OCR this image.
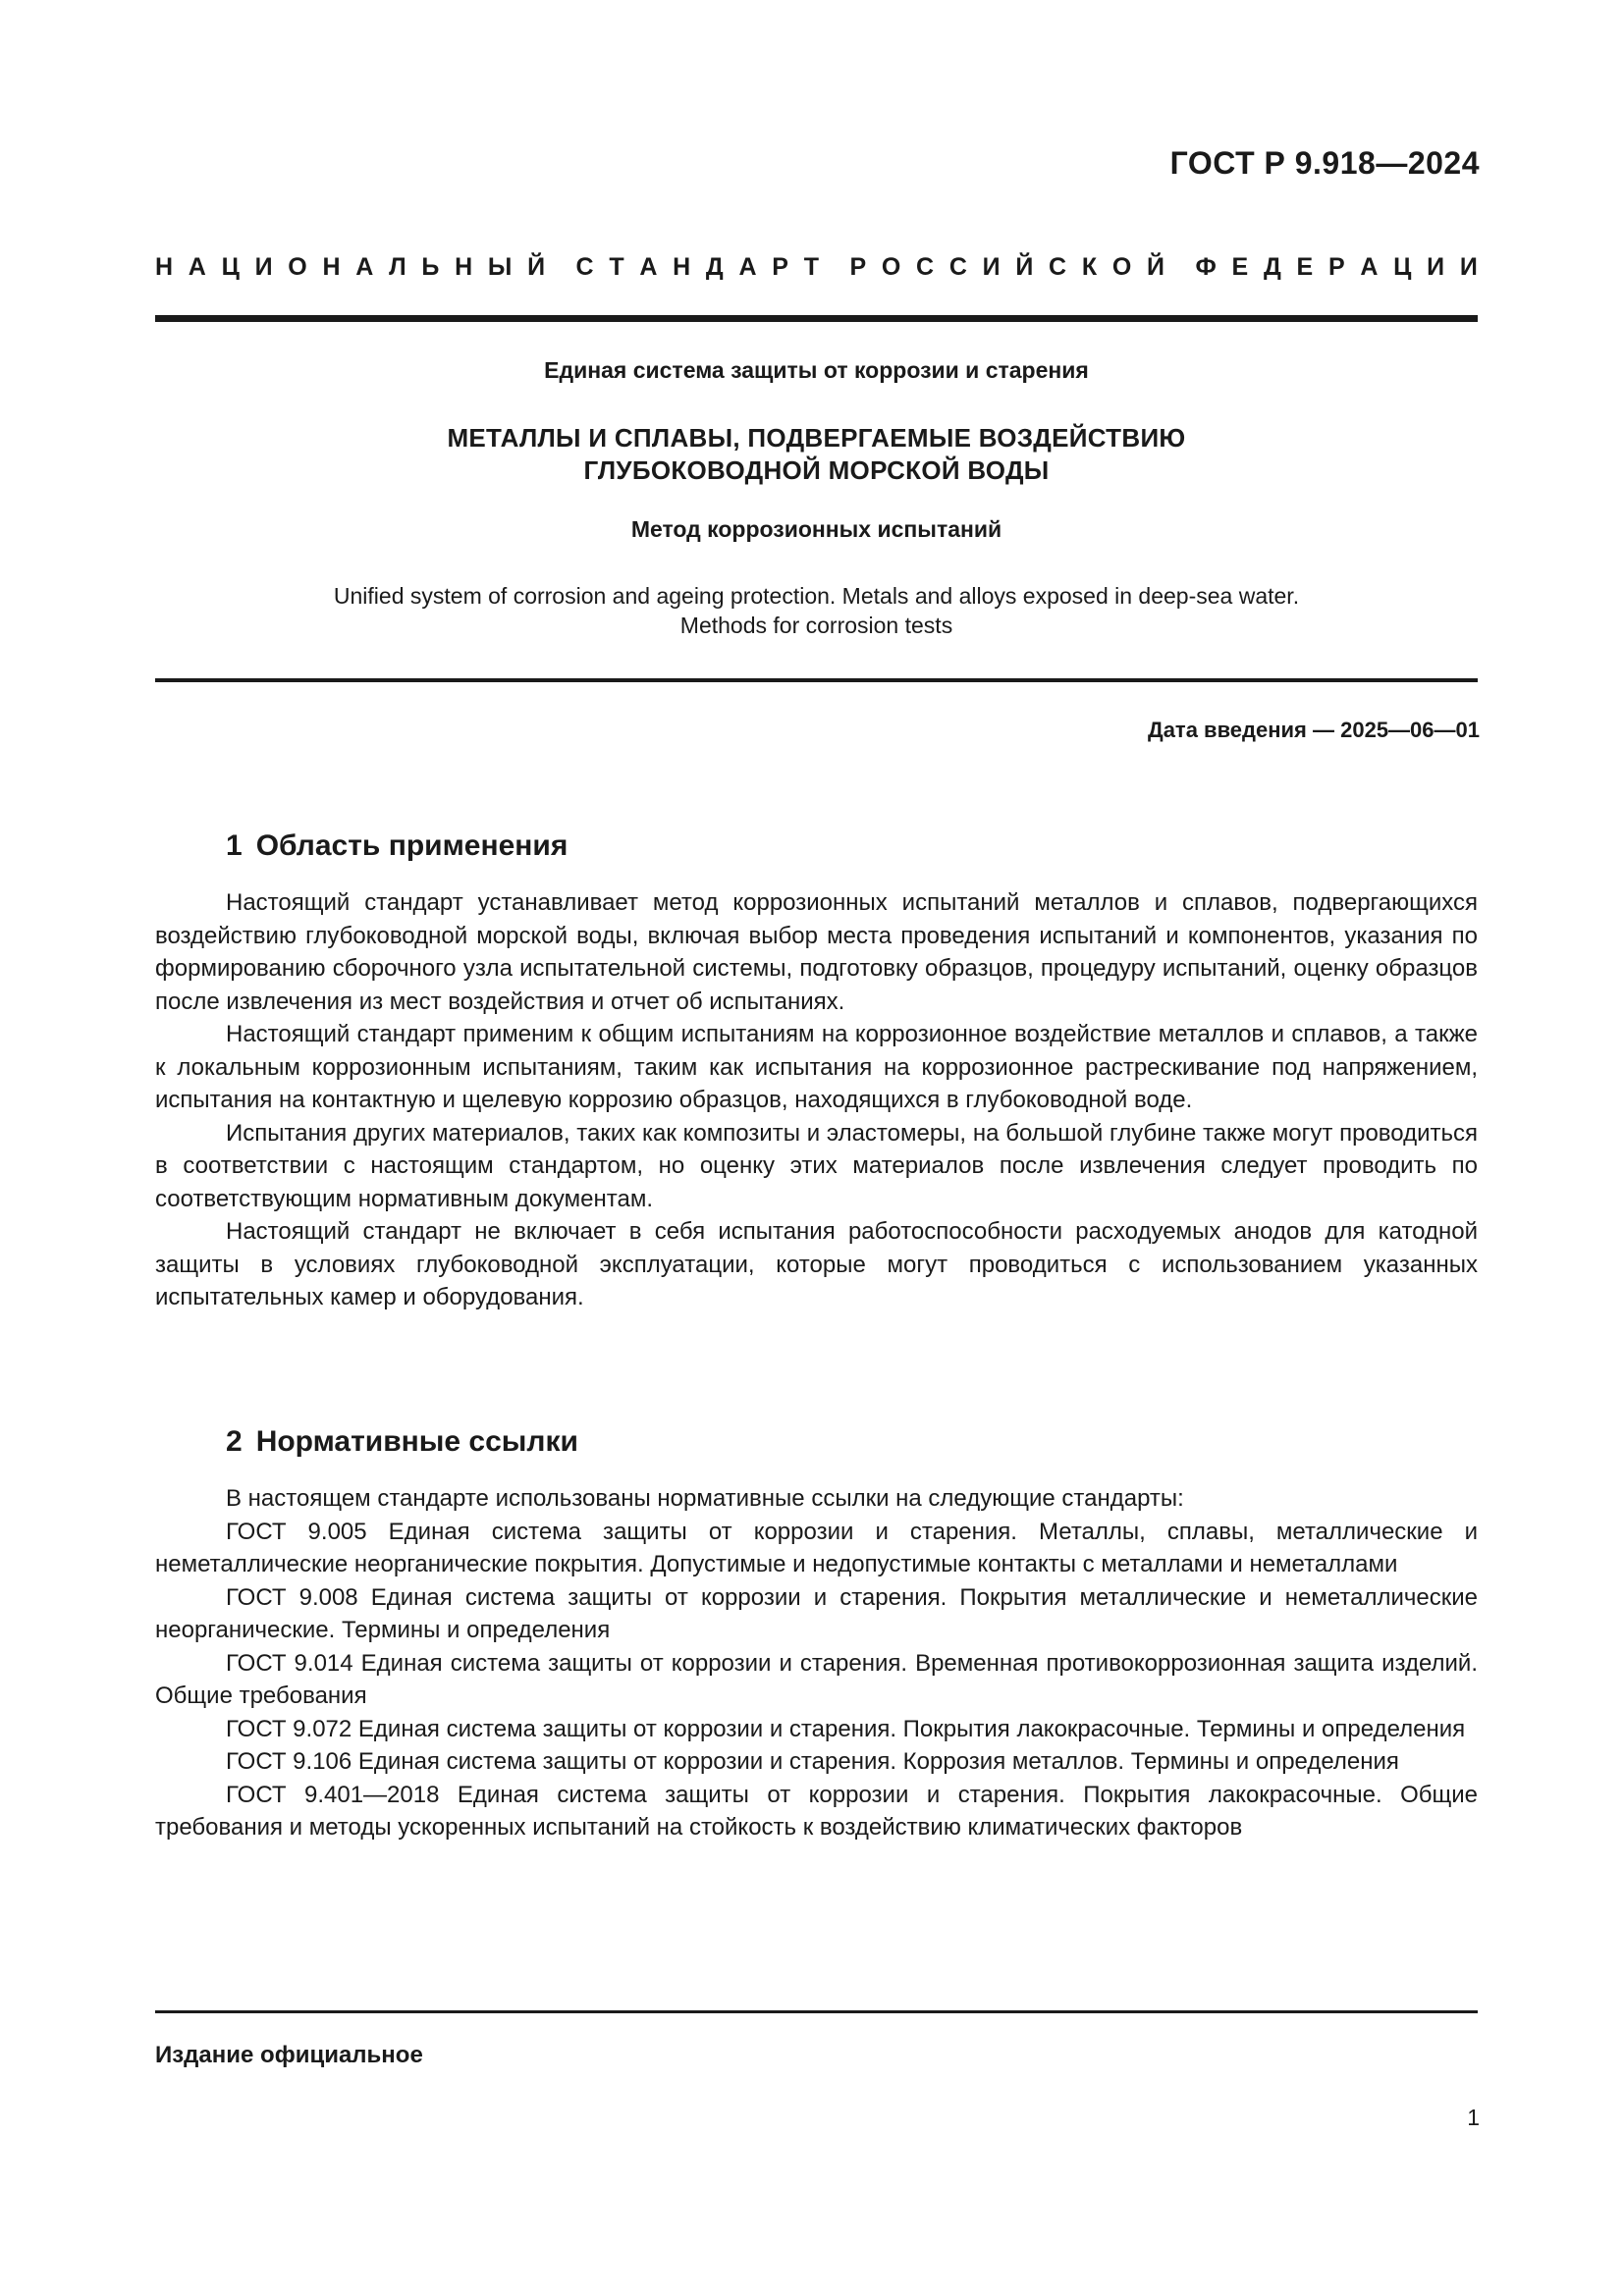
ГОСТ Р 9.918—2024
Н А Ц И О Н А Л Ь Н Ы Й С Т А Н Д А Р Т Р О С С И Й С К О Й Ф Е Д Е Р А Ц И И
Единая система защиты от коррозии и старения
МЕТАЛЛЫ И СПЛАВЫ, ПОДВЕРГАЕМЫЕ ВОЗДЕЙСТВИЮ
ГЛУБОКОВОДНОЙ МОРСКОЙ ВОДЫ
Метод коррозионных испытаний
Unified system of corrosion and ageing protection. Metals and alloys exposed in deep-sea water.
Methods for corrosion tests
Дата введения — 2025—06—01
1 Область применения

Настоящий стандарт устанавливает метод коррозионных испытаний металлов и сплавов, подвергающихся воздействию глубоководной морской воды, включая выбор места проведения испытаний и компонентов, указания по формированию сборочного узла испытательной системы, подготовку образцов, процедуру испытаний, оценку образцов после извлечения из мест воздействия и отчет об испытаниях.

Настоящий стандарт применим к общим испытаниям на коррозионное воздействие металлов и сплавов, а также к локальным коррозионным испытаниям, таким как испытания на коррозионное растрескивание под напряжением, испытания на контактную и щелевую коррозию образцов, находящихся в глубоководной воде.

Испытания других материалов, таких как композиты и эластомеры, на большой глубине также могут проводиться в соответствии с настоящим стандартом, но оценку этих материалов после извлечения следует проводить по соответствующим нормативным документам.

Настоящий стандарт не включает в себя испытания работоспособности расходуемых анодов для катодной защиты в условиях глубоководной эксплуатации, которые могут проводиться с использованием указанных испытательных камер и оборудования.

2 Нормативные ссылки

В настоящем стандарте использованы нормативные ссылки на следующие стандарты:

ГОСТ 9.005 Единая система защиты от коррозии и старения. Металлы, сплавы, металлические и неметаллические неорганические покрытия. Допустимые и недопустимые контакты с металлами и неметаллами

ГОСТ 9.008 Единая система защиты от коррозии и старения. Покрытия металлические и неметаллические неорганические. Термины и определения

ГОСТ 9.014 Единая система защиты от коррозии и старения. Временная противокоррозионная защита изделий. Общие требования

ГОСТ 9.072 Единая система защиты от коррозии и старения. Покрытия лакокрасочные. Термины и определения

ГОСТ 9.106 Единая система защиты от коррозии и старения. Коррозия металлов. Термины и определения

ГОСТ 9.401—2018 Единая система защиты от коррозии и старения. Покрытия лакокрасочные. Общие требования и методы ускоренных испытаний на стойкость к воздействию климатических факторов

Издание официальное
1
